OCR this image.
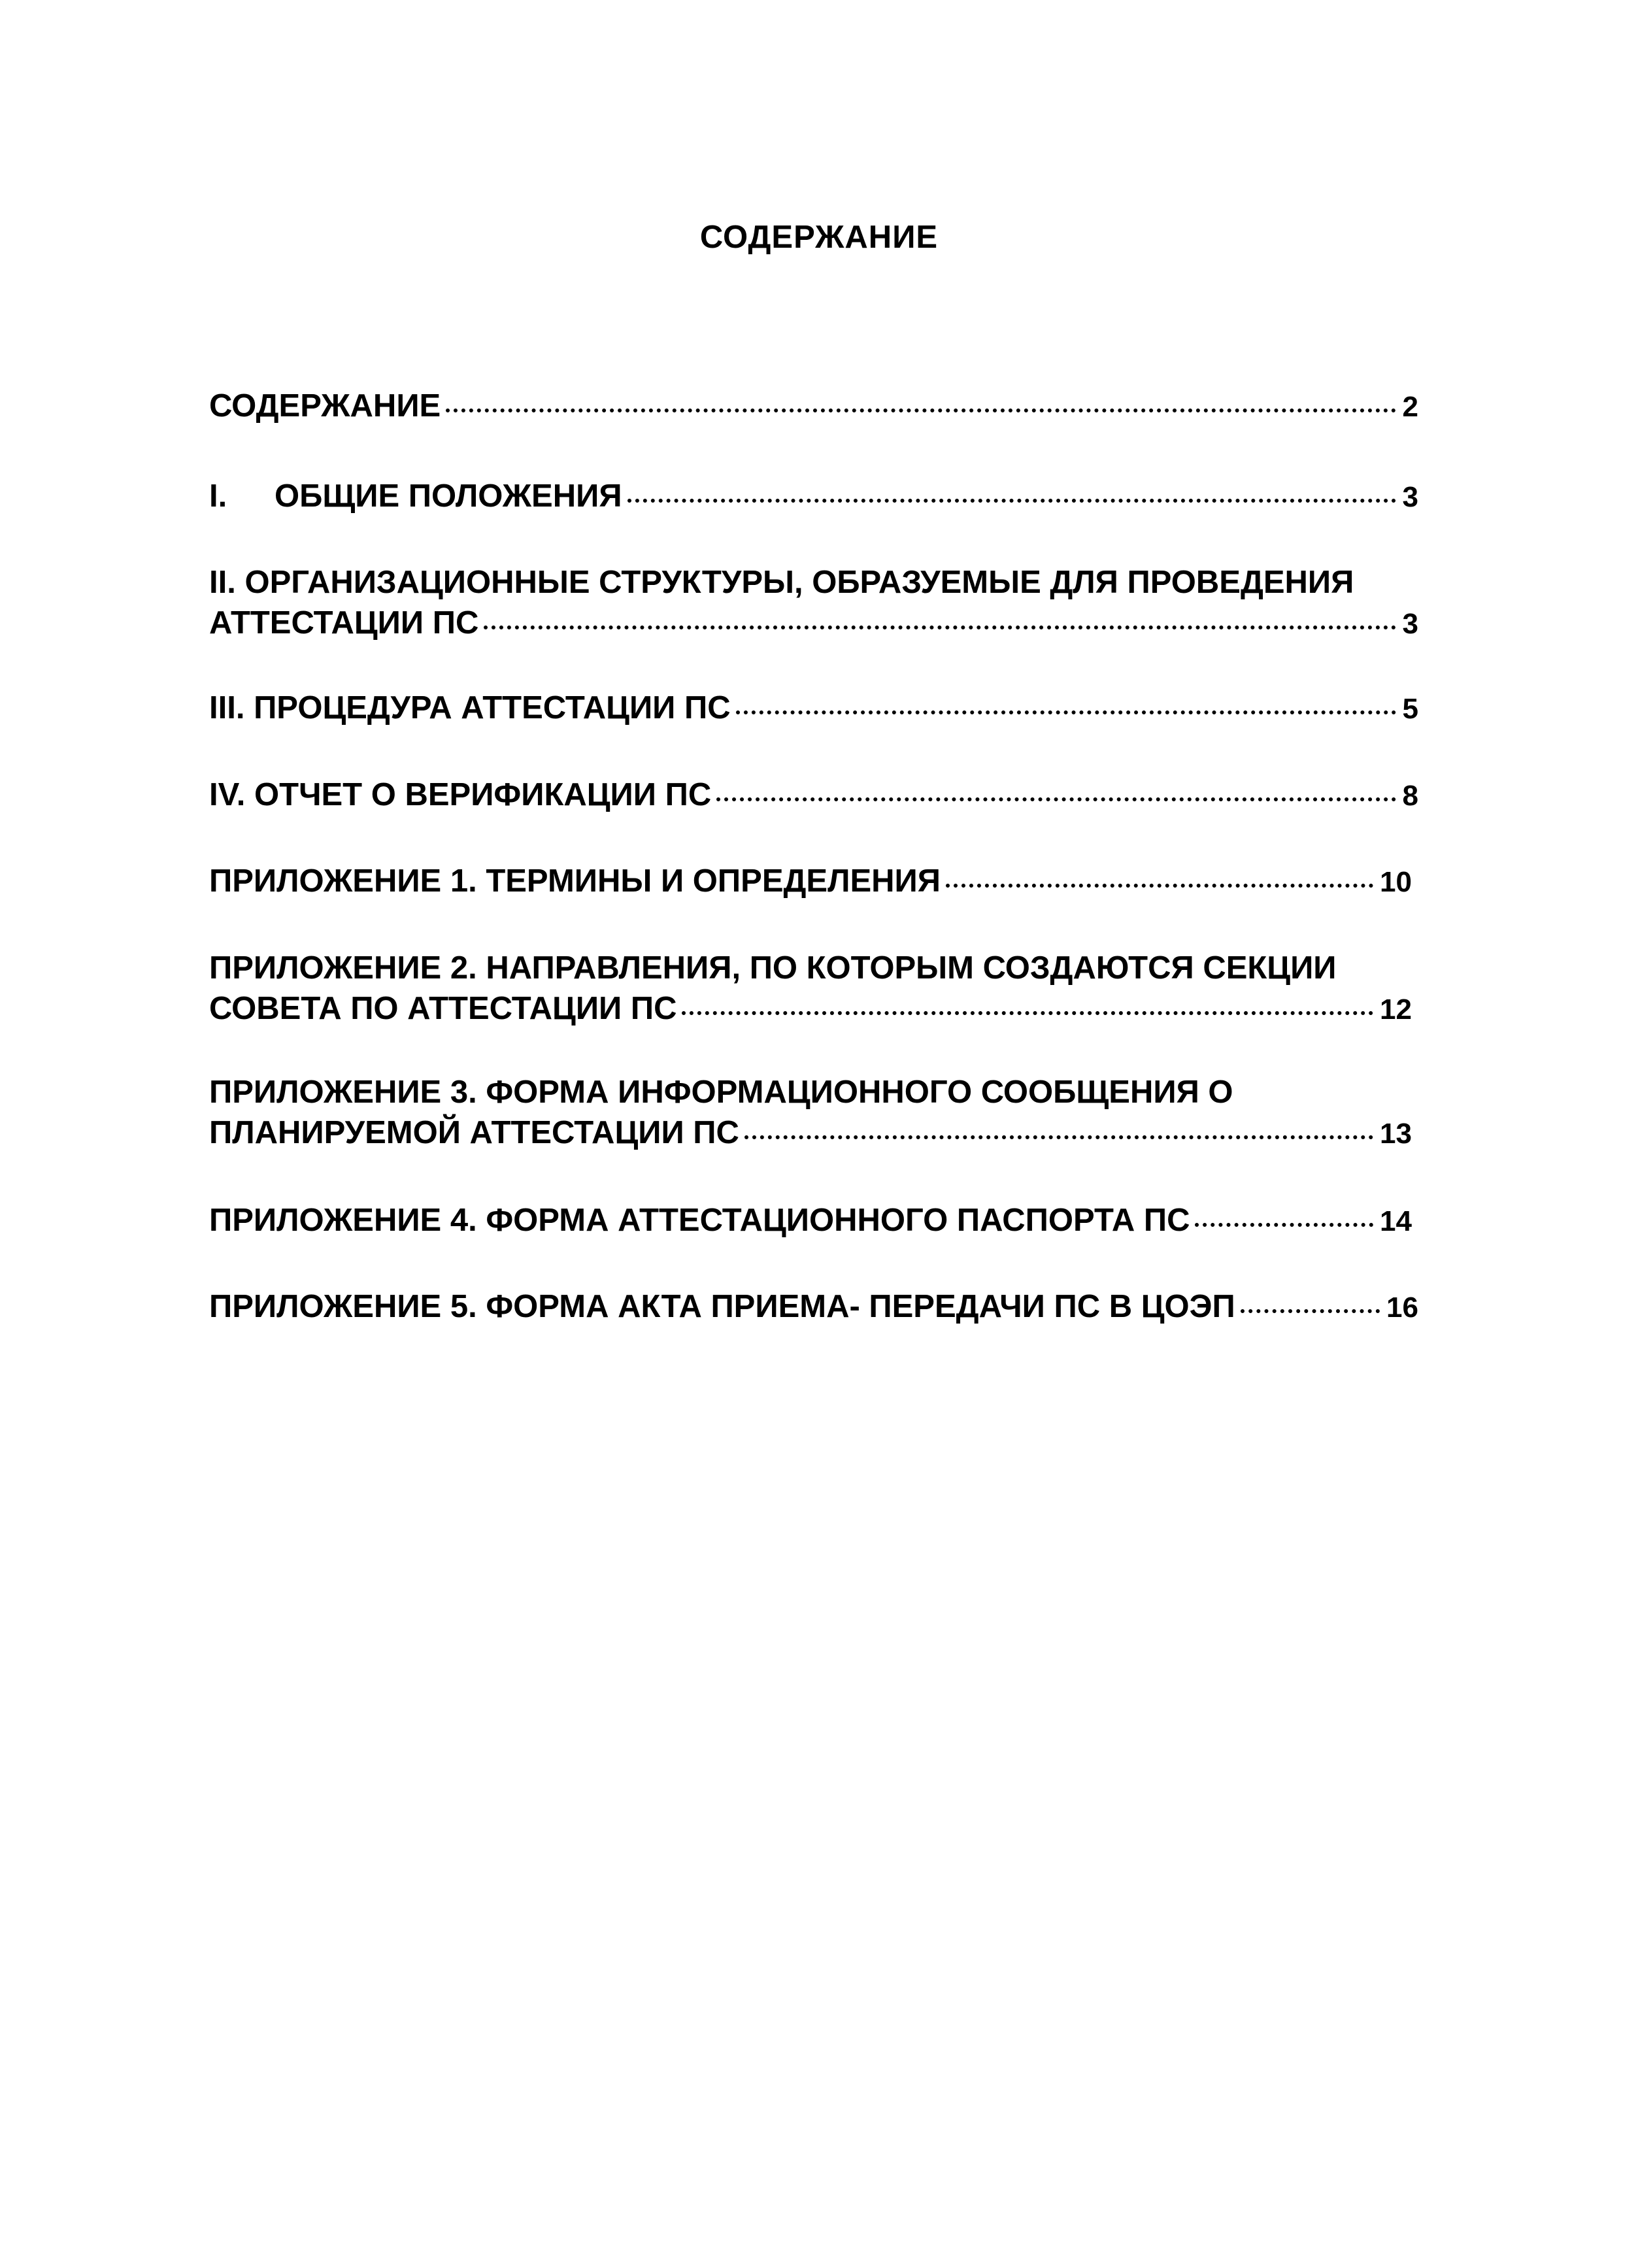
СОДЕРЖАНИЕ
СОДЕРЖАНИЕ	2
I. ОБЩИЕ ПОЛОЖЕНИЯ	3
II. ОРГАНИЗАЦИОННЫЕ СТРУКТУРЫ, ОБРАЗУЕМЫЕ ДЛЯ ПРОВЕДЕНИЯ
АТТЕСТАЦИИ ПС	3
III. ПРОЦЕДУРА АТТЕСТАЦИИ ПС	5
IV. ОТЧЕТ О ВЕРИФИКАЦИИ ПС	8
ПРИЛОЖЕНИЕ 1. ТЕРМИНЫ И ОПРЕДЕЛЕНИЯ	10
ПРИЛОЖЕНИЕ 2. НАПРАВЛЕНИЯ, ПО КОТОРЫМ СОЗДАЮТСЯ СЕКЦИИ
СОВЕТА ПО АТТЕСТАЦИИ ПС	12
ПРИЛОЖЕНИЕ 3. ФОРМА ИНФОРМАЦИОННОГО СООБЩЕНИЯ О
ПЛАНИРУЕМОЙ АТТЕСТАЦИИ ПС	13
ПРИЛОЖЕНИЕ 4. ФОРМА АТТЕСТАЦИОННОГО ПАСПОРТА ПС	14
ПРИЛОЖЕНИЕ 5. ФОРМА АКТА ПРИЕМА- ПЕРЕДАЧИ ПС В ЦОЭП	16
